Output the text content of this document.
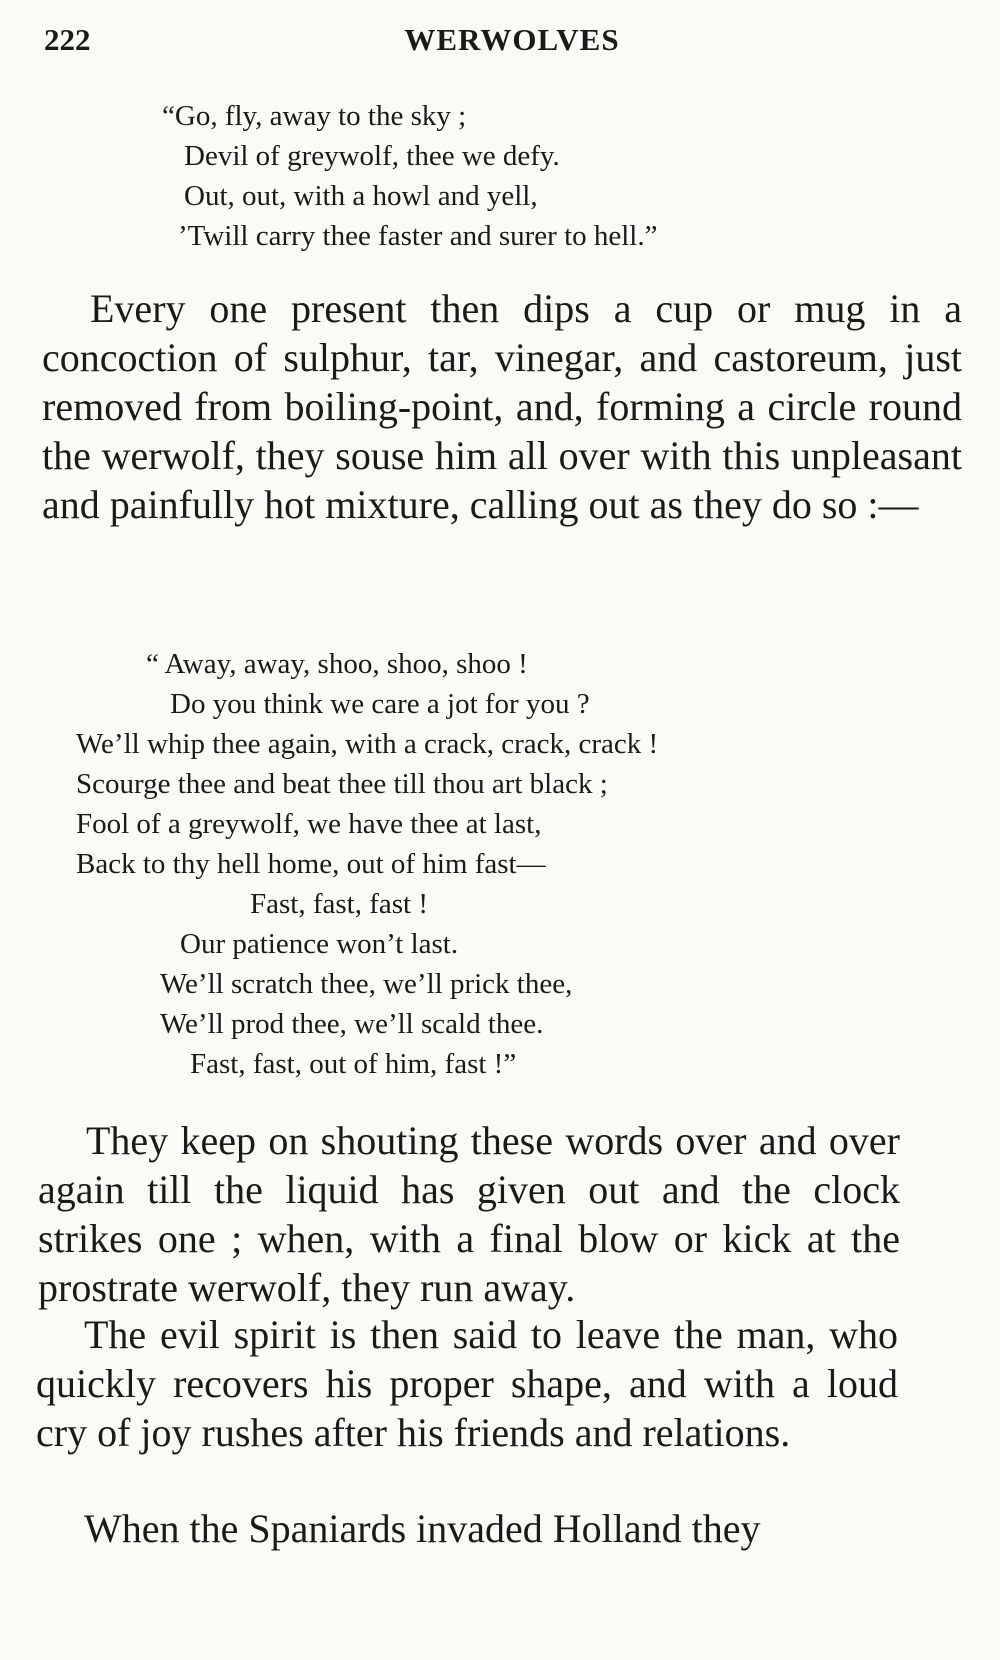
222	WERWOLVES
“Go, fly, away to the sky ;
Devil of greywolf, thee we defy.
Out, out, with a howl and yell,
’Twill carry thee faster and surer to hell.”

Every one present then dips a cup or mug in a concoction of sulphur, tar, vinegar, and castoreum, just removed from boiling-point, and, forming a circle round the werwolf, they souse him all over with this unpleasant and painfully hot mixture, calling out as they do so :—

“ Away, away, shoo, shoo, shoo !
Do you think we care a jot for you ?
We’ll whip thee again, with a crack, crack, crack !
Scourge thee and beat thee till thou art black ;
Fool of a greywolf, we have thee at last,
Back to thy hell home, out of him fast—
Fast, fast, fast !
Our patience won’t last.
We’ll scratch thee, we’ll prick thee,
We’ll prod thee, we’ll scald thee.
Fast, fast, out of him, fast !”

They keep on shouting these words over and over again till the liquid has given out and the clock strikes one ; when, with a final blow or kick at the prostrate werwolf, they run away.

The evil spirit is then said to leave the man, who quickly recovers his proper shape, and with a loud cry of joy rushes after his friends and relations.

When the Spaniards invaded Holland they
